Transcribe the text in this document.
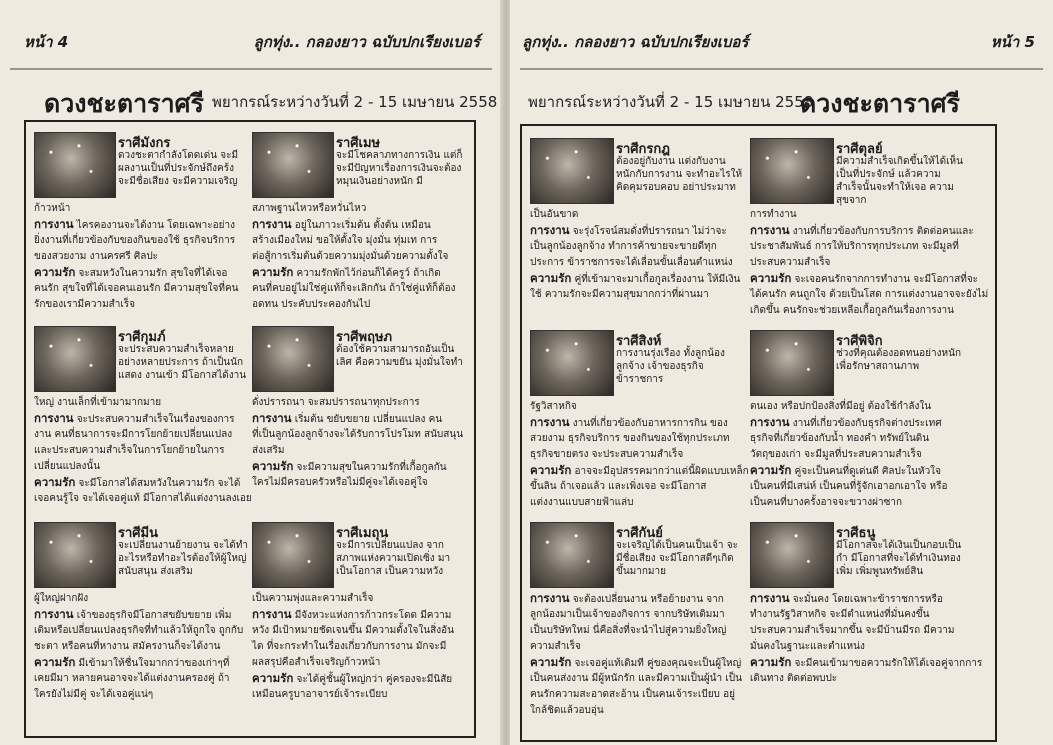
หน้า 4	ลูกทุ่ง.. กลองยาว ฉบับปกเรียงเบอร์
ดวงชะตาราศรี พยากรณ์ระหว่างวันที่ 2 - 15 เมษายน 2558
ราศีมังกร
ดวงชะตากำลังโดดเด่น จะมีผลงานเป็นที่ประจักษ์ถึงคร้ง จะมีชื่อเสียง จะมีความเจริญ
ก้าวหน้า
การงาน ไครคองานจะได้งาน โดยเฉพาะอย่าง
ยิ่งงานที่เกี่ยวข้องกับของกินของใช้ ธุรกิจบริการ
ของสวยงาม งานครศรี ศิลปะ
ความรัก จะสมหวังในความรัก สุขใจที่ได้เจอ
คนรัก สุขใจที่ได้เจอคนเอนรัก มีความสุขใจที่คน
รักของเรามีความสำเร็จ
ราศีกุมภ์
จะประสบความสำเร็จหลายอย่างหลายประการ ถ้าเป็นนักแสดง งานเข้า มีโอกาสได้งาน
ใหญ่ งานเล็กที่เข้ามามากมาย
การงาน จะประสบความสำเร็จในเรื่องของการ
งาน คนที่ธนาการจะมีการโยกย้ายเปลี่ยนแปลง
และประสบความสำเร็จในการโยกย้ายในการ
เปลี่ยนแปลงนั้น
ความรัก จะมีโอกาสได้สมหวังในความรัก จะได้
เจอคนรู้ใจ จะได้เจอคู่แท้ มีโอกาสได้แต่งงานลงเอย
ราศีมีน
จะเปลี่ยนงานย้ายงาน จะได้ทำอะไรหรือทำอะไรต้องให้ผู้ใหญ่สนับสนุน ส่งเสริม
ผู้ใหญ่ฝากฝัง
การงาน เจ้าของธุรกิจมีโอกาสขยับขยาย เพิ่ม
เติมหรือเปลี่ยนแปลงธุรกิจที่ทำแล้วให้ถูกใจ ถูกกับ
ชะตา หรือคนที่หางาน สมัครงานก็จะได้งาน
ความรัก มีเข้ามาให้ชื่นใจมากกว่าของเก่าๆที่
เคยมีมา หลายคนอาจจะได้แต่งงานครองคู่ ถ้า
ใครยังไม่มีคู่ จะได้เจอคู่แน่ๆ
ราศีเมษ
จะมีโชคลาภทางการเงิน แต่ก็จะมีปัญหาเรื่องการเงินจะต้องหมุนเงินอย่างหนัก มี
สภาพฐานไหวหรือหวั่นไหว
การงาน อยู่ในภาวะเริ่มต้น ตั้งต้น เหมือน
สร้างเมืองใหม่ ขอให้ตั้งใจ มุ่งมั่น ทุ่มเท การ
ต่อสู้การเริ่มต้นด้วยความมุ่งมั่นด้วยความตั้งใจ
ความรัก ความรักพักไว้ก่อนก็ได้ครูว์ ถ้าเกิด
คนที่คบอยู่ไม่ใช่คู่แท้ก็จะเลิกกัน ถ้าใช่คู่แท้ก็ต้อง
อดทน ประคับประคองกันไป
ราศีพฤษภ
ต้องใช้ความสามารถอันเป็นเลิศ คือความขยัน มุ่งมั่นใจทำ
ดั่งปรารถนา จะสมปรารถนาทุกประการ
การงาน เริ่มต้น ขยับขยาย เปลี่ยนแปลง คน
ที่เป็นลูกน้องลูกจ้างจะได้รับการโปรโมท สนับสนุน
ส่งเสริม
ความรัก จะมีความสุขในความรักที่เกื้อกูลกัน
ใครไม่มีครอบครัวหรือไม่มีคู่จะได้เจอคู่ใจ
ราศีเมถุน
จะมีการเปลี่ยนแปลง จากสภาพแห่งความเปิดเซิ่ง มาเป็นโอกาส เป็นความหวัง
เป็นความพุ่งและความสำเร็จ
การงาน มีจังหวะแห่งการก้าวกระโดด มีความ
หวัง มีเป้าหมายชัดเจนขึ้น มีความตั้งใจในสิ่งอัน
ได ที่จะกระทำในเรื่องเกี่ยวกับการงาน มักจะมี
ผลสรุปคือสำเร็จเจริญก้าวหน้า
ความรัก จะได้คู่ชั้นผู้ใหญ่กว่า คู่ครองจะมีนิสัย
เหมือนครูบาอาจารย์เจ้าระเบียบ
ลูกทุ่ง.. กลองยาว ฉบับปกเรียงเบอร์	หน้า 5
พยากรณ์ระหว่างวันที่ 2 - 15 เมษายน 2558
ดวงชะตาราศรี
ราศีกรกฎ
ต้องอยู่กับงาน แต่งกับงาน หนักกับการงาน จะทำอะไรให้คิดคุมรอบคอบ อย่าประมาท
เป็นอันขาด
การงาน จะรุ่งโรจน์สมดั่งที่ปรารถนา ไม่ว่าจะ
เป็นลูกน้องลูกจ้าง ทำการค้าขายจะขายดีทุก
ประการ ข้าราชการจะได้เลื่อนขั้นเลื่อนตำแหน่ง
ความรัก คู่ที่เข้ามาจะมาเกื้อกูลเรื่องงาน ให้มีเงิน
ใช้ ความรักจะมีความสุขมากกว่าที่ผ่านมา
ราศีสิงห์
การงานรุ่งเรือง ทั้งลูกน้อง ลูกจ้าง เจ้าของธุรกิจ ข้าราชการ
รัฐวิสาหกิจ
การงาน งานที่เกี่ยวข้องกับอาหารการกิน ของ
สวยงาม ธุรกิจบริการ ของกินของใช้ทุกประเภท
ธุรกิจขายตรง จะประสบความสำเร็จ
ความรัก อาจจะมีอุปสรรคมากว่าแต่นี้ผิดแบบเหล็ก
ขึ้นลิน ถ้าเจอแล้ว และเพิ่งเจอ จะมีโอกาส
แต่งงานแบบสายฟ้าแล่บ
ราศีกันย์
จะเจริญได้เป็นคนเป็นเจ้า จะมีชื่อเสียง จะมีโอกาสดีๆเกิดขึ้นมากมาย
การงาน จะต้องเปลี่ยนงาน หรือย้ายงาน จาก
ลูกน้องมาเป็นเจ้าของกิจการ จากบริษัทเดิมมา
เป็นบริษัทใหม่ นี่คือสิ่งที่จะนำไปสู่ความยิ่งใหญ่
ความสำเร็จ
ความรัก จะเจอคู่แท้เดิมที คู่ของคุณจะเป็นผู้ใหญ่
เป็นคนส่งงาน มีผู้หนักรัก และมีความเป็นผู้นำ เป็น
คนรักความสะอาดสะอ้าน เป็นคนเจ้าระเบียบ อยู่
ใกล้ชิดแล้วอบอุ่น
ราศีตุลย์
มีความสำเร็จเกิดขึ้นให้ได้เห็นเป็นที่ประจักษ์ แล้วความสำเร็จนั้นจะทำให้เจอ ความสุขจาก
การทำงาน
การงาน งานที่เกี่ยวข้องกับการบริการ ติดต่อคนและ
ประชาสัมพันธ์ การให้บริการทุกประเภท จะมีมูลที่
ประสบความสำเร็จ
ความรัก จะเจอคนรักจากการทำงาน จะมีโอกาสที่จะ
ได้คนรัก คนถูกใจ ด้วยเป็นโสด การแต่งงานอาจจะยังไม่
เกิดขึ้น คนรักจะช่วยเหลือเกื้อกูลกันเรื่องการงาน
ราศีพิจิก
ช่วงที่คุณต้องอดทนอย่างหนักเพื่อรักษาสถานภาพ
ตนเอง หรือปกป้องสิ่งที่มีอยู่ ต้องใช้กำลังใน
การงาน งานที่เกี่ยวข้องกับธุรกิจต่างประเทศ
ธุรกิจที่เกี่ยวข้องกับน้ำ ทองคำ ทรัพย์ในดิน
วัตถุของเก่า จะมีมูลที่ประสบความสำเร็จ
ความรัก คู่จะเป็นคนที่ดูเด่นดี ศิลปะในหัวใจ
เป็นคนที่มีเสน่ห์ เป็นคนที่รู้จักเอาอกเอาใจ หรือ
เป็นคนที่บางครั้งอาจจะขวางผ่าซาก
ราศีธนู
มีโอกาสจะได้เงินเป็นกอบเป็นกำ มีโอกาสที่จะได้ทำเงินทองเพิ่ม เพิ่มพูนทรัพย์สิน
การงาน จะมั่นคง โดยเฉพาะข้าราชการหรือ
ทำงานรัฐวิสาหกิจ จะมีตำแหน่งที่มั่นคงขึ้น
ประสบความสำเร็จมากขึ้น จะมีบ้านมีรถ มีความ
มั่นคงในฐานะและตำแหน่ง
ความรัก จะมีคนเข้ามาขอความรักให้ได้เจอคู่จากการ
เดินทาง ติดต่อพบปะ
